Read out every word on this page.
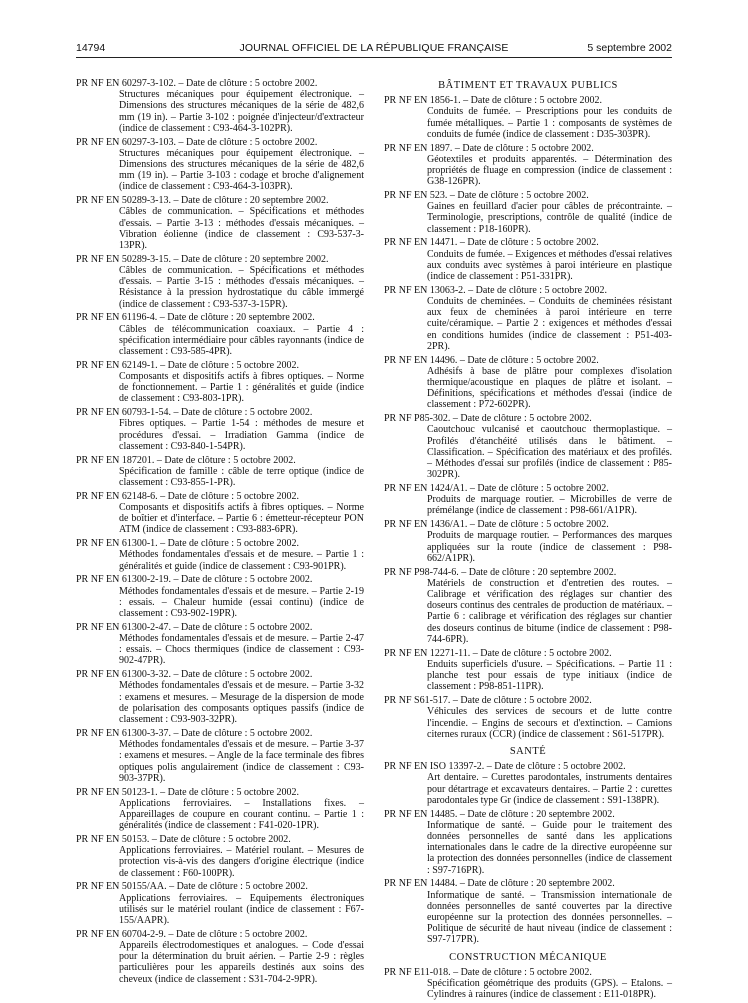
14794	JOURNAL OFFICIEL DE LA RÉPUBLIQUE FRANÇAISE	5 septembre 2002
PR NF EN 60297-3-102. – Date de clôture : 5 octobre 2002.
Structures mécaniques pour équipement électronique. – Dimensions des structures mécaniques de la série de 482,6 mm (19 in). – Partie 3-102 : poignée d'injecteur/d'extracteur (indice de classement : C93-464-3-102PR).
PR NF EN 60297-3-103. – Date de clôture : 5 octobre 2002.
Structures mécaniques pour équipement électronique. – Dimensions des structures mécaniques de la série de 482,6 mm (19 in). – Partie 3-103 : codage et broche d'alignement (indice de classement : C93-464-3-103PR).
PR NF EN 50289-3-13. – Date de clôture : 20 septembre 2002.
Câbles de communication. – Spécifications et méthodes d'essais. – Partie 3-13 : méthodes d'essais mécaniques. – Vibration éolienne (indice de classement : C93-537-3-13PR).
PR NF EN 50289-3-15. – Date de clôture : 20 septembre 2002.
Câbles de communication. – Spécifications et méthodes d'essais. – Partie 3-15 : méthodes d'essais mécaniques. – Résistance à la pression hydrostatique du câble immergé (indice de classement : C93-537-3-15PR).
PR NF EN 61196-4. – Date de clôture : 20 septembre 2002.
Câbles de télécommunication coaxiaux. – Partie 4 : spécification intermédiaire pour câbles rayonnants (indice de classement : C93-585-4PR).
PR NF EN 62149-1. – Date de clôture : 5 octobre 2002.
Composants et dispositifs actifs à fibres optiques. – Norme de fonctionnement. – Partie 1 : généralités et guide (indice de classement : C93-803-1PR).
PR NF EN 60793-1-54. – Date de clôture : 5 octobre 2002.
Fibres optiques. – Partie 1-54 : méthodes de mesure et procédures d'essai. – Irradiation Gamma (indice de classement : C93-840-1-54PR).
PR NF EN 187201. – Date de clôture : 5 octobre 2002.
Spécification de famille : câble de terre optique (indice de classement : C93-855-1-PR).
PR NF EN 62148-6. – Date de clôture : 5 octobre 2002.
Composants et dispositifs actifs à fibres optiques. – Norme de boîtier et d'interface. – Partie 6 : émetteur-récepteur PON ATM (indice de classement : C93-883-6PR).
PR NF EN 61300-1. – Date de clôture : 5 octobre 2002.
Méthodes fondamentales d'essais et de mesure. – Partie 1 : généralités et guide (indice de classement : C93-901PR).
PR NF EN 61300-2-19. – Date de clôture : 5 octobre 2002.
Méthodes fondamentales d'essais et de mesure. – Partie 2-19 : essais. – Chaleur humide (essai continu) (indice de classement : C93-902-19PR).
PR NF EN 61300-2-47. – Date de clôture : 5 octobre 2002.
Méthodes fondamentales d'essais et de mesure. – Partie 2-47 : essais. – Chocs thermiques (indice de classement : C93-902-47PR).
PR NF EN 61300-3-32. – Date de clôture : 5 octobre 2002.
Méthodes fondamentales d'essais et de mesure. – Partie 3-32 : examens et mesures. – Mesurage de la dispersion de mode de polarisation des composants optiques passifs (indice de classement : C93-903-32PR).
PR NF EN 61300-3-37. – Date de clôture : 5 octobre 2002.
Méthodes fondamentales d'essais et de mesure. – Partie 3-37 : examens et mesures. – Angle de la face terminale des fibres optiques polis angulairement (indice de classement : C93-903-37PR).
PR NF EN 50123-1. – Date de clôture : 5 octobre 2002.
Applications ferroviaires. – Installations fixes. – Appareillages de coupure en courant continu. – Partie 1 : généralités (indice de classement : F41-020-1PR).
PR NF EN 50153. – Date de clôture : 5 octobre 2002.
Applications ferroviaires. – Matériel roulant. – Mesures de protection vis-à-vis des dangers d'origine électrique (indice de classement : F60-100PR).
PR NF EN 50155/AA. – Date de clôture : 5 octobre 2002.
Applications ferroviaires. – Equipements électroniques utilisés sur le matériel roulant (indice de classement : F67-155/AAPR).
PR NF EN 60704-2-9. – Date de clôture : 5 octobre 2002.
Appareils électrodomestiques et analogues. – Code d'essai pour la détermination du bruit aérien. – Partie 2-9 : règles particulières pour les appareils destinés aux soins des cheveux (indice de classement : S31-704-2-9PR).
BÂTIMENT ET TRAVAUX PUBLICS
PR NF EN 1856-1. – Date de clôture : 5 octobre 2002.
Conduits de fumée. – Prescriptions pour les conduits de fumée métalliques. – Partie 1 : composants de systèmes de conduits de fumée (indice de classement : D35-303PR).
PR NF EN 1897. – Date de clôture : 5 octobre 2002.
Géotextiles et produits apparentés. – Détermination des propriétés de fluage en compression (indice de classement : G38-126PR).
PR NF EN 523. – Date de clôture : 5 octobre 2002.
Gaines en feuillard d'acier pour câbles de précontrainte. – Terminologie, prescriptions, contrôle de qualité (indice de classement : P18-160PR).
PR NF EN 14471. – Date de clôture : 5 octobre 2002.
Conduits de fumée. – Exigences et méthodes d'essai relatives aux conduits avec systèmes à paroi intérieure en plastique (indice de classement : P51-331PR).
PR NF EN 13063-2. – Date de clôture : 5 octobre 2002.
Conduits de cheminées. – Conduits de cheminées résistant aux feux de cheminées à paroi intérieure en terre cuite/céramique. – Partie 2 : exigences et méthodes d'essai en conditions humides (indice de classement : P51-403-2PR).
PR NF EN 14496. – Date de clôture : 5 octobre 2002.
Adhésifs à base de plâtre pour complexes d'isolation thermique/acoustique en plaques de plâtre et isolant. – Définitions, spécifications et méthodes d'essai (indice de classement : P72-602PR).
PR NF P85-302. – Date de clôture : 5 octobre 2002.
Caoutchouc vulcanisé et caoutchouc thermoplastique. – Profilés d'étanchéité utilisés dans le bâtiment. – Classification. – Spécification des matériaux et des profilés. – Méthodes d'essai sur profilés (indice de classement : P85-302PR).
PR NF EN 1424/A1. – Date de clôture : 5 octobre 2002.
Produits de marquage routier. – Microbilles de verre de prémélange (indice de classement : P98-661/A1PR).
PR NF EN 1436/A1. – Date de clôture : 5 octobre 2002.
Produits de marquage routier. – Performances des marques appliquées sur la route (indice de classement : P98-662/A1PR).
PR NF P98-744-6. – Date de clôture : 20 septembre 2002.
Matériels de construction et d'entretien des routes. – Calibrage et vérification des réglages sur chantier des doseurs continus des centrales de production de matériaux. – Partie 6 : calibrage et vérification des réglages sur chantier des doseurs continus de bitume (indice de classement : P98-744-6PR).
PR NF EN 12271-11. – Date de clôture : 5 octobre 2002.
Enduits superficiels d'usure. – Spécifications. – Partie 11 : planche test pour essais de type initiaux (indice de classement : P98-851-11PR).
PR NF S61-517. – Date de clôture : 5 octobre 2002.
Véhicules des services de secours et de lutte contre l'incendie. – Engins de secours et d'extinction. – Camions citernes ruraux (CCR) (indice de classement : S61-517PR).
SANTÉ
PR NF EN ISO 13397-2. – Date de clôture : 5 octobre 2002.
Art dentaire. – Curettes parodontales, instruments dentaires pour détartrage et excavateurs dentaires. – Partie 2 : curettes parodontales type Gr (indice de classement : S91-138PR).
PR NF EN 14485. – Date de clôture : 20 septembre 2002.
Informatique de santé. – Guide pour le traitement des données personnelles de santé dans les applications internationales dans le cadre de la directive européenne sur la protection des données personnelles (indice de classement : S97-716PR).
PR NF EN 14484. – Date de clôture : 20 septembre 2002.
Informatique de santé. – Transmission internationale de données personnelles de santé couvertes par la directive européenne sur la protection des données personnelles. – Politique de sécurité de haut niveau (indice de classement : S97-717PR).
CONSTRUCTION MÉCANIQUE
PR NF E11-018. – Date de clôture : 5 octobre 2002.
Spécification géométrique des produits (GPS). – Etalons. – Cylindres à rainures (indice de classement : E11-018PR).
